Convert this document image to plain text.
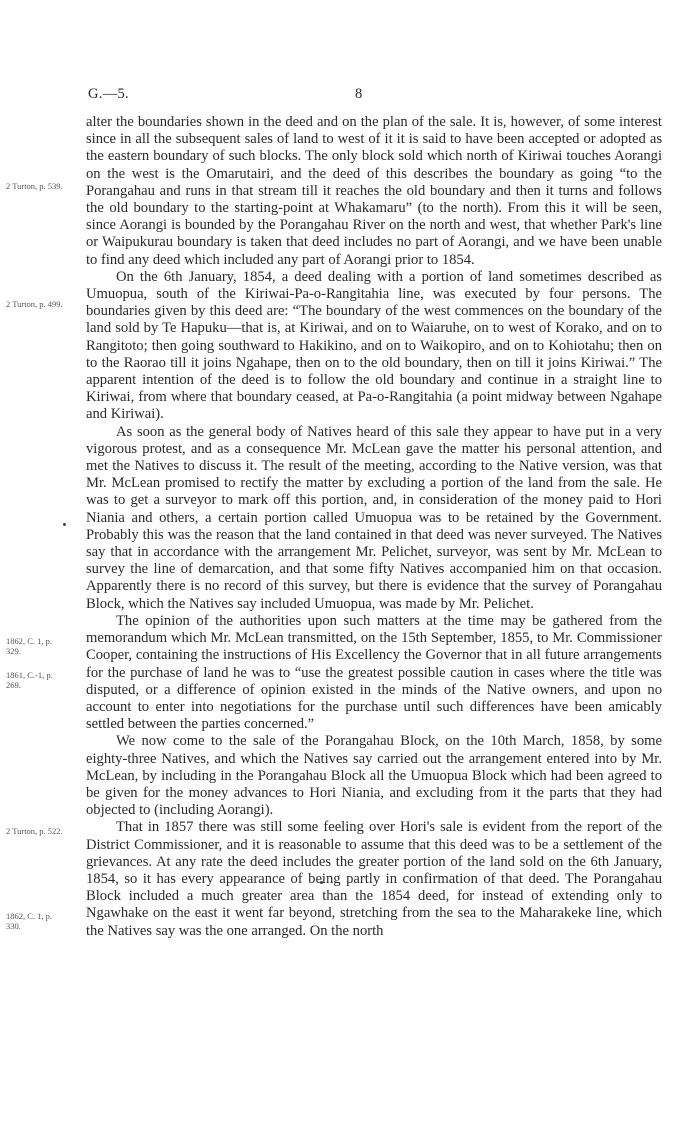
G.—5.	8
2 Turton, p. 539.
2 Turton, p. 499.
1862, C. 1, p. 329.
1861, C.-1, p. 269.
2 Turton, p. 522.
1862, C. 1, p. 330.

alter the boundaries shown in the deed and on the plan of the sale. It is, however, of some interest since in all the subsequent sales of land to west of it it is said to have been accepted or adopted as the eastern boundary of such blocks. The only block sold which north of Kiriwai touches Aorangi on the west is the Omarutairi, and the deed of this describes the boundary as going “to the Porangahau and runs in that stream till it reaches the old boundary and then it turns and follows the old boundary to the starting-point at Whakamaru” (to the north). From this it will be seen, since Aorangi is bounded by the Porangahau River on the north and west, that whether Park's line or Waipukurau boundary is taken that deed includes no part of Aorangi, and we have been unable to find any deed which included any part of Aorangi prior to 1854.

On the 6th January, 1854, a deed dealing with a portion of land sometimes described as Umuopua, south of the Kiriwai-Pa-o-Rangitahia line, was executed by four persons. The boundaries given by this deed are: “The boundary of the west commences on the boundary of the land sold by Te Hapuku—that is, at Kiriwai, and on to Waiaruhe, on to west of Korako, and on to Rangitoto; then going southward to Hakikino, and on to Waikopiro, and on to Kohiotahu; then on to the Raorao till it joins Ngahape, then on to the old boundary, then on till it joins Kiriwai.” The apparent intention of the deed is to follow the old boundary and continue in a straight line to Kiriwai, from where that boundary ceased, at Pa-o-Rangitahia (a point midway between Ngahape and Kiriwai).

As soon as the general body of Natives heard of this sale they appear to have put in a very vigorous protest, and as a consequence Mr. McLean gave the matter his personal attention, and met the Natives to discuss it. The result of the meeting, according to the Native version, was that Mr. McLean promised to rectify the matter by excluding a portion of the land from the sale. He was to get a surveyor to mark off this portion, and, in consideration of the money paid to Hori Niania and others, a certain portion called Umuopua was to be retained by the Government. Probably this was the reason that the land contained in that deed was never surveyed. The Natives say that in accordance with the arrangement Mr. Pelichet, surveyor, was sent by Mr. McLean to survey the line of demarcation, and that some fifty Natives accompanied him on that occasion. Apparently there is no record of this survey, but there is evidence that the survey of Porangahau Block, which the Natives say included Umuopua, was made by Mr. Pelichet.

The opinion of the authorities upon such matters at the time may be gathered from the memorandum which Mr. McLean transmitted, on the 15th September, 1855, to Mr. Commissioner Cooper, containing the instructions of His Excellency the Governor that in all future arrangements for the purchase of land he was to “use the greatest possible caution in cases where the title was disputed, or a difference of opinion existed in the minds of the Native owners, and upon no account to enter into negotiations for the purchase until such differences have been amicably settled between the parties concerned.”

We now come to the sale of the Porangahau Block, on the 10th March, 1858, by some eighty-three Natives, and which the Natives say carried out the arrangement entered into by Mr. McLean, by including in the Porangahau Block all the Umuopua Block which had been agreed to be given for the money advances to Hori Niania, and excluding from it the parts that they had objected to (including Aorangi).

That in 1857 there was still some feeling over Hori's sale is evident from the report of the District Commissioner, and it is reasonable to assume that this deed was to be a settlement of the grievances. At any rate the deed includes the greater portion of the land sold on the 6th January, 1854, so it has every appearance of being partly in confirmation of that deed. The Porangahau Block included a much greater area than the 1854 deed, for instead of extending only to Ngawhake on the east it went far beyond, stretching from the sea to the Maharakeke line, which the Natives say was the one arranged. On the north
